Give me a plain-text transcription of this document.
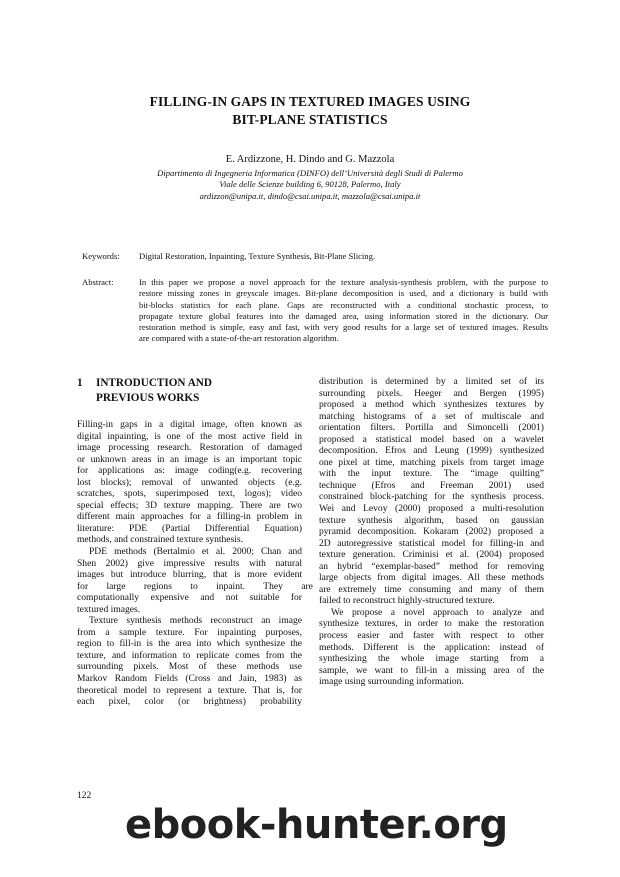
FILLING-IN GAPS IN TEXTURED IMAGES USING
BIT-PLANE STATISTICS
E. Ardizzone, H. Dindo and G. Mazzola
Dipartimento di Ingegneria Informatica (DINFO) dell’Università degli Studi di Palermo
Viale delle Scienze building 6, 90128, Palermo, Italy
ardizzon@unipa.it, dindo@csai.unipa.it, mazzola@csai.unipa.it
Keywords:	Digital Restoration, Inpainting, Texture Synthesis, Bit-Plane Slicing.
Abstract:	In this paper we propose a novel approach for the texture analysis-synthesis problem, with the purpose to
restore missing zones in greyscale images. Bit-plane decomposition is used, and a dictionary is build with
bit-blocks statistics for each plane. Gaps are reconstructed with a conditional stochastic process, to
propagate texture global features into the damaged area, using information stored in the dictionary. Our
restoration method is simple, easy and fast, with very good results for a large set of textured images. Results
are compared with a state-of-the-art restoration algorithm.
1 INTRODUCTION AND
PREVIOUS WORKS
Filling-in gaps in a digital image, often known as
digital inpainting, is one of the most active field in
image processing research. Restoration of damaged
or unknown areas in an image is an important topic
for applications as: image coding(e.g. recovering
lost blocks); removal of unwanted objects (e.g.
scratches, spots, superimposed text, logos); video
special effects; 3D texture mapping. There are two
different main approaches for a filling-in problem in
literature: PDE (Partial Differential Equation)
methods, and constrained texture synthesis.
PDE methods (Bertalmio et al. 2000; Chan and
Shen 2002) give impressive results with natural
images but introduce blurring, that is more evident
for large regions to inpaint. They are
computationally expensive and not suitable for
textured images.
Texture synthesis methods reconstruct an image
from a sample texture. For inpainting purposes,
region to fill-in is the area into which synthesize the
texture, and information to replicate comes from the
surrounding pixels. Most of these methods use
Markov Random Fields (Cross and Jain, 1983) as
theoretical model to represent a texture. That is, for
each pixel, color (or brightness) probability
distribution is determined by a limited set of its
surrounding pixels. Heeger and Bergen (1995)
proposed a method which synthesizes textures by
matching histograms of a set of multiscale and
orientation filters. Portilla and Simoncelli (2001)
proposed a statistical model based on a wavelet
decomposition. Efros and Leung (1999) synthesized
one pixel at time, matching pixels from target image
with the input texture. The “image quilting”
technique (Efros and Freeman 2001) used
constrained block-patching for the synthesis process.
Wei and Levoy (2000) proposed a multi-resolution
texture synthesis algorithm, based on gaussian
pyramid decomposition. Kokaram (2002) proposed a
2D autoregressive statistical model for filling-in and
texture generation. Criminisi et al. (2004) proposed
an hybrid “exemplar-based” method for removing
large objects from digital images. All these methods
are extremely time consuming and many of them
failed to reconstruct highly-structured texture.
We propose a novel approach to analyze and
synthesize textures, in order to make the restoration
process easier and faster with respect to other
methods. Different is the application: instead of
synthesizing the whole image starting from a
sample, we want to fill-in a missing area of the
image using surrounding information.
122
ebook-hunter.org
